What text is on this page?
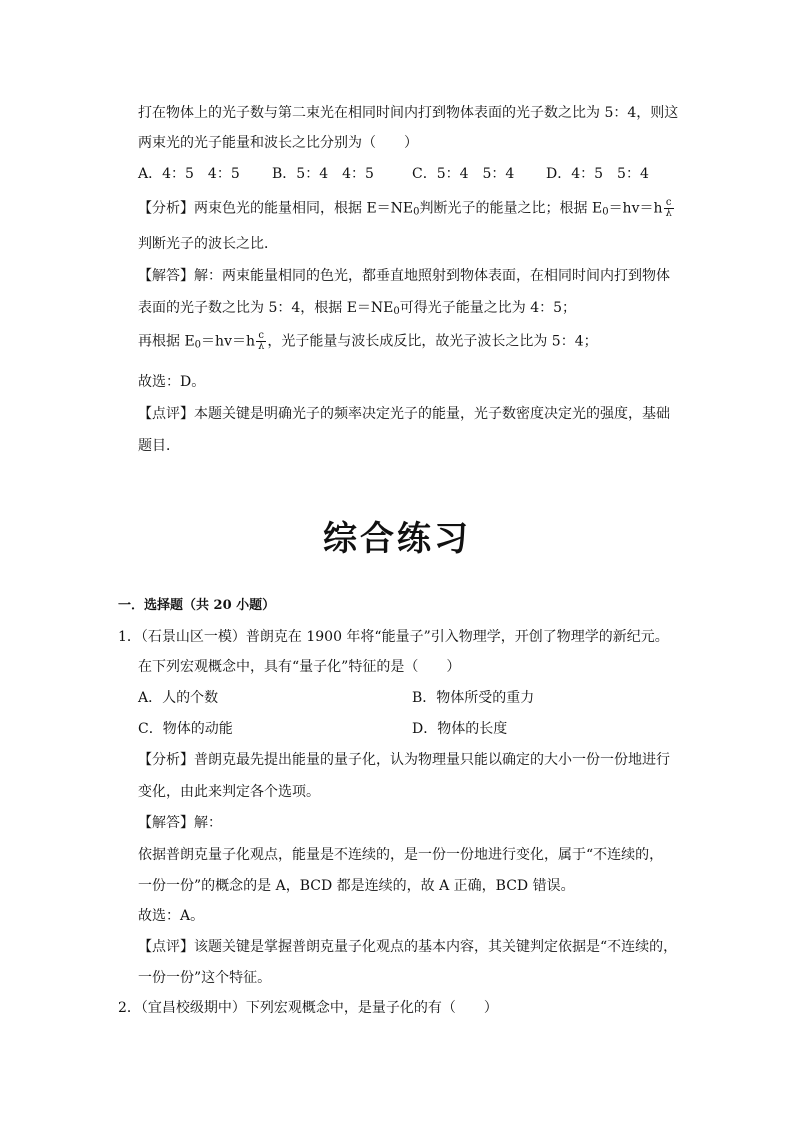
打在物体上的光子数与第二束光在相同时间内打到物体表面的光子数之比为 5：4，则这
两束光的光子能量和波长之比分别为（　　）
A．4：5　4：5 B．5：4　4：5	C．5：4　5：4 D．4：5　5：4
【分析】两束色光的能量相同，根据 $E=NE_0$判断光子的能量之比；根据 $E_0=hv=h \frac{c}{\lambda}$
判断光子的波长之比．
【解答】解：两束能量相同的色光，都垂直地照射到物体表面，在相同时间内打到物体
表面的光子数之比为 5：4，根据 $E=NE_0$可得光子能量之比为 4：5；
再根据 $E_0=hv=h \frac{c}{\lambda}$ ，光子能量与波长成反比，故光子波长之比为 5：4；
故选：D。
【点评】本题关键是明确光子的频率决定光子的能量，光子数密度决定光的强度，基础
题目．
综合练习
一．选择题（共 20 小题）
1．（石景山区一模）普朗克在 1900 年将“能量子”引入物理学，开创了物理学的新纪元。
在下列宏观概念中，具有“量子化”特征的是（　　）
A．人的个数	B．物体所受的重力
C．物体的动能	D．物体的长度
【分析】普朗克最先提出能量的量子化，认为物理量只能以确定的大小一份一份地进行
变化，由此来判定各个选项。
【解答】解：
依据普朗克量子化观点，能量是不连续的，是一份一份地进行变化，属于“不连续的，
一份一份”的概念的是 A，BCD 都是连续的，故 A 正确，BCD 错误。
故选：A。
【点评】该题关键是掌握普朗克量子化观点的基本内容，其关键判定依据是“不连续的，
一份一份”这个特征。
2．（宜昌校级期中）下列宏观概念中，是量子化的有（　　）
